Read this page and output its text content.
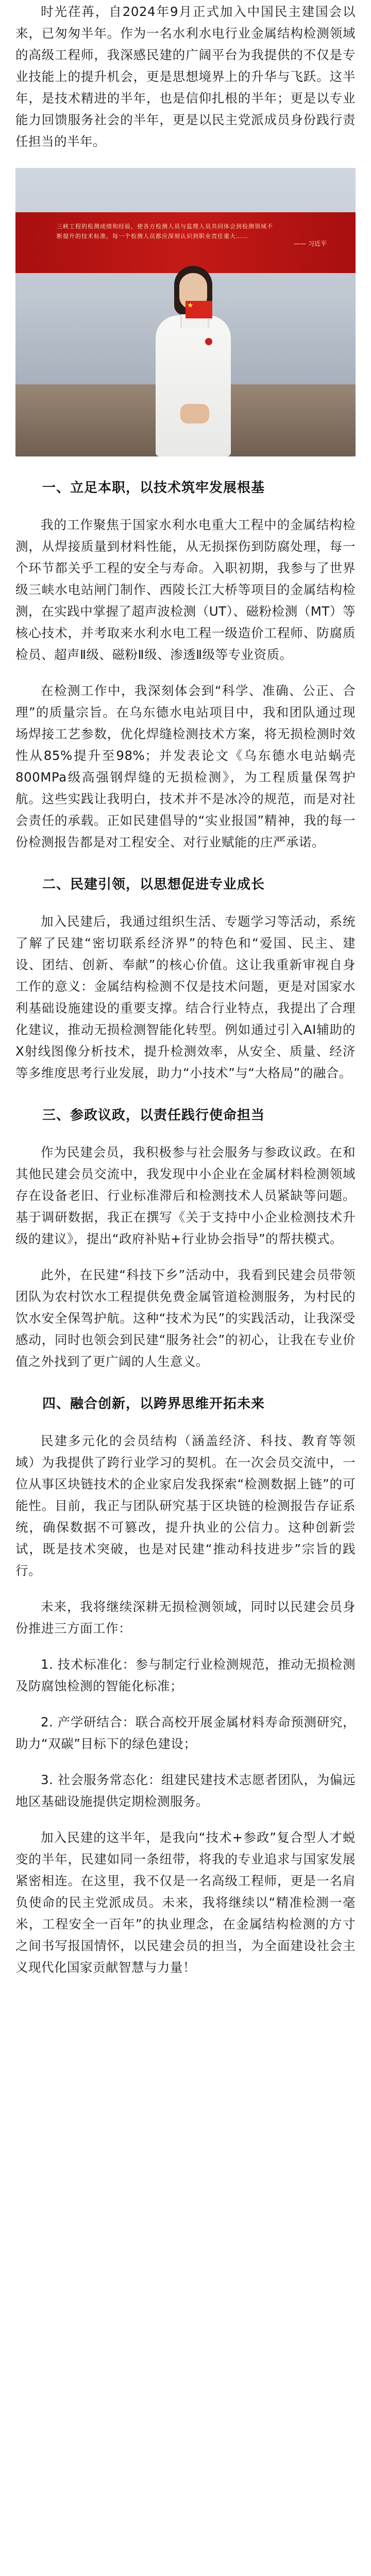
时光荏苒，自2024年9月正式加入中国民主建国会以来，已匆匆半年。作为一名水利水电行业金属结构检测领域的高级工程师，我深感民建的广阔平台为我提供的不仅是专业技能上的提升机会，更是思想境界上的升华与飞跃。这半年，是技术精进的半年，也是信仰扎根的半年；更是以专业能力回馈服务社会的半年，更是以民主党派成员身份践行责任担当的半年。

三峡工程的检测成绩和经验，使各方检测人员与监理人员共同体会到检测领域不断提升的技术标准，每一个检测人员都应深刻认识到职业责任重大……
—— 习近平
★
一、立足本职，以技术筑牢发展根基

我的工作聚焦于国家水利水电重大工程中的金属结构检测，从焊接质量到材料性能，从无损探伤到防腐处理，每一个环节都关乎工程的安全与寿命。入职初期，我参与了世界级三峡水电站闸门制作、西陵长江大桥等项目的金属结构检测，在实践中掌握了超声波检测（UT）、磁粉检测（MT）等核心技术，并考取来水利水电工程一级造价工程师、防腐质检员、超声Ⅱ级、磁粉Ⅱ级、渗透Ⅱ级等专业资质。

在检测工作中，我深刻体会到“科学、准确、公正、合理”的质量宗旨。在乌东德水电站项目中，我和团队通过现场焊接工艺参数，优化焊缝检测技术方案，将无损检测时效性从85%提升至98%；并发表论文《乌东德水电站蜗壳800MPa级高强钢焊缝的无损检测》，为工程质量保驾护航。这些实践让我明白，技术并不是冰冷的规范，而是对社会责任的承载。正如民建倡导的“实业报国”精神，我的每一份检测报告都是对工程安全、对行业赋能的庄严承诺。

二、民建引领，以思想促进专业成长

加入民建后，我通过组织生活、专题学习等活动，系统了解了民建“密切联系经济界”的特色和“爱国、民主、建设、团结、创新、奉献”的核心价值。这让我重新审视自身工作的意义：金属结构检测不仅是技术问题，更是对国家水利基础设施建设的重要支撑。结合行业特点，我提出了合理化建议，推动无损检测智能化转型。例如通过引入AI辅助的X射线图像分析技术，提升检测效率，从安全、质量、经济等多维度思考行业发展，助力“小技术”与“大格局”的融合。

三、参政议政，以责任践行使命担当

作为民建会员，我积极参与社会服务与参政议政。在和其他民建会员交流中，我发现中小企业在金属材料检测领域存在设备老旧、行业标准滞后和检测技术人员紧缺等问题。基于调研数据，我正在撰写《关于支持中小企业检测技术升级的建议》，提出“政府补贴+行业协会指导”的帮扶模式。

此外，在民建“科技下乡”活动中，我看到民建会员带领团队为农村饮水工程提供免费金属管道检测服务，为村民的饮水安全保驾护航。这种“技术为民”的实践活动，让我深受感动，同时也领会到民建“服务社会”的初心，让我在专业价值之外找到了更广阔的人生意义。

四、融合创新，以跨界思维开拓未来

民建多元化的会员结构（涵盖经济、科技、教育等领域）为我提供了跨行业学习的契机。在一次会员交流中，一位从事区块链技术的企业家启发我探索“检测数据上链”的可能性。目前，我正与团队研究基于区块链的检测报告存证系统，确保数据不可篡改，提升执业的公信力。这种创新尝试，既是技术突破，也是对民建“推动科技进步”宗旨的践行。

未来，我将继续深耕无损检测领域，同时以民建会员身份推进三方面工作：

1. 技术标准化：参与制定行业检测规范，推动无损检测及防腐蚀检测的智能化标准；

2. 产学研结合：联合高校开展金属材料寿命预测研究，助力“双碳”目标下的绿色建设；

3. 社会服务常态化：组建民建技术志愿者团队，为偏远地区基础设施提供定期检测服务。

加入民建的这半年，是我向“技术+参政”复合型人才蜕变的半年，民建如同一条纽带，将我的专业追求与国家发展紧密相连。在这里，我不仅是一名高级工程师，更是一名肩负使命的民主党派成员。未来，我将继续以“精准检测一毫米，工程安全一百年”的执业理念，在金属结构检测的方寸之间书写报国情怀，以民建会员的担当，为全面建设社会主义现代化国家贡献智慧与力量！
